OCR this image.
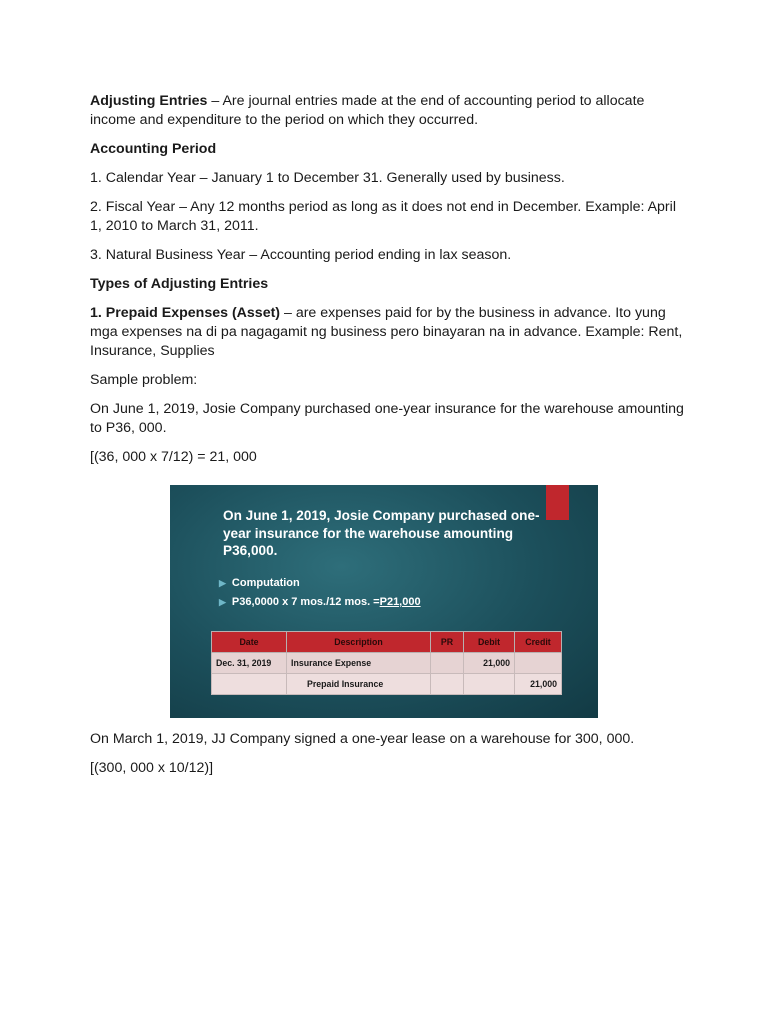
Adjusting Entries – Are journal entries made at the end of accounting period to allocate income and expenditure to the period on which they occurred.

Accounting Period

1. Calendar Year – January 1 to December 31. Generally used by business.

2. Fiscal Year – Any 12 months period as long as it does not end in December. Example: April 1, 2010 to March 31, 2011.

3. Natural Business Year – Accounting period ending in lax season.

Types of Adjusting Entries

1. Prepaid Expenses (Asset) – are expenses paid for by the business in advance. Ito yung mga expenses na di pa nagagamit ng business pero binayaran na in advance. Example: Rent, Insurance, Supplies

Sample problem:

On June 1, 2019, Josie Company purchased one-year insurance for the warehouse amounting to P36, 000.

[(36, 000 x 7/12) = 21, 000

On June 1, 2019, Josie Company purchased one-year insurance for the warehouse amounting P36,000.
▶ Computation
▶ P36,0000 x 7 mos./12 mos. = P21,000
Date	Description	PR	Debit	Credit
Dec. 31, 2019	Insurance Expense		21,000	
	Prepaid Insurance			21,000

On March 1, 2019, JJ Company signed a one-year lease on a warehouse for 300, 000.

[(300, 000 x 10/12)]
